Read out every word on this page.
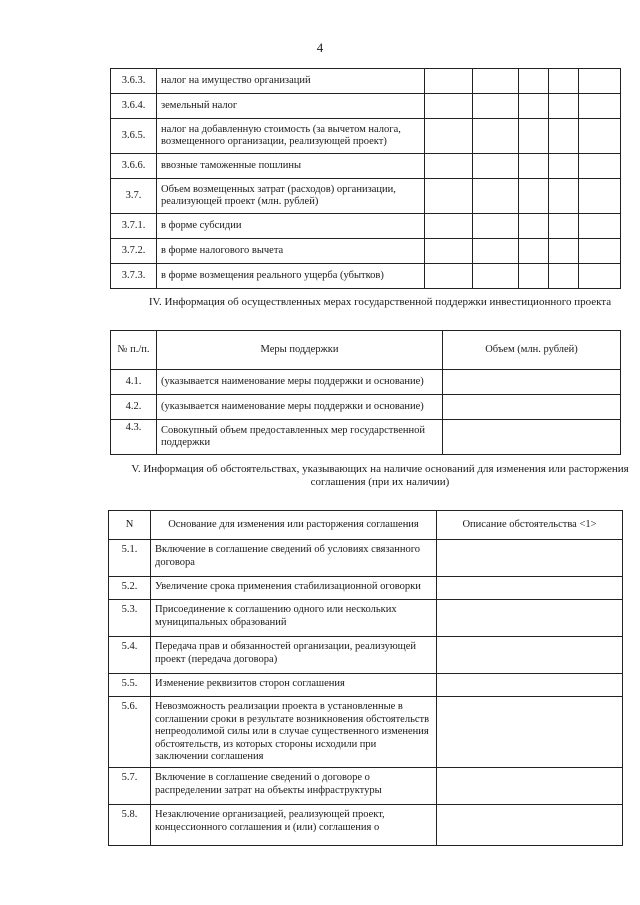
4
3.6.3.	налог на имущество организаций					
3.6.4.	земельный налог					
3.6.5.	налог на добавленную стоимость (за вычетом налога, возмещенного организации, реализующей проект)					
3.6.6.	ввозные таможенные пошлины					
3.7.	Объем возмещенных затрат (расходов) организации, реализующей проект (млн. рублей)					
3.7.1.	в форме субсидии					
3.7.2.	в форме налогового вычета					
3.7.3.	в форме возмещения реального ущерба (убытков)					
IV. Информация об осуществленных мерах государственной поддержки инвестиционного проекта
№ п./п.	Меры поддержки	Объем (млн. рублей)
4.1.	(указывается наименование меры поддержки и основание)	
4.2.	(указывается наименование меры поддержки и основание)	
4.3.	Совокупный объем предоставленных мер государственной поддержки	
V. Информация об обстоятельствах, указывающих на наличие оснований для изменения или расторжения соглашения (при их наличии)
N	Основание для изменения или расторжения соглашения	Описание обстоятельства <1>
5.1.	Включение в соглашение сведений об условиях связанного договора	
5.2.	Увеличение срока применения стабилизационной оговорки	
5.3.	Присоединение к соглашению одного или нескольких муниципальных образований	
5.4.	Передача прав и обязанностей организации, реализующей проект (передача договора)	
5.5.	Изменение реквизитов сторон соглашения	
5.6.	Невозможность реализации проекта в установленные в соглашении сроки в результате возникновения обстоятельств непреодолимой силы или в случае существенного изменения обстоятельств, из которых стороны исходили при заключении соглашения	
5.7.	Включение в соглашение сведений о договоре о распределении затрат на объекты инфраструктуры	
5.8.	Незаключение организацией, реализующей проект, концессионного соглашения и (или) соглашения о	
